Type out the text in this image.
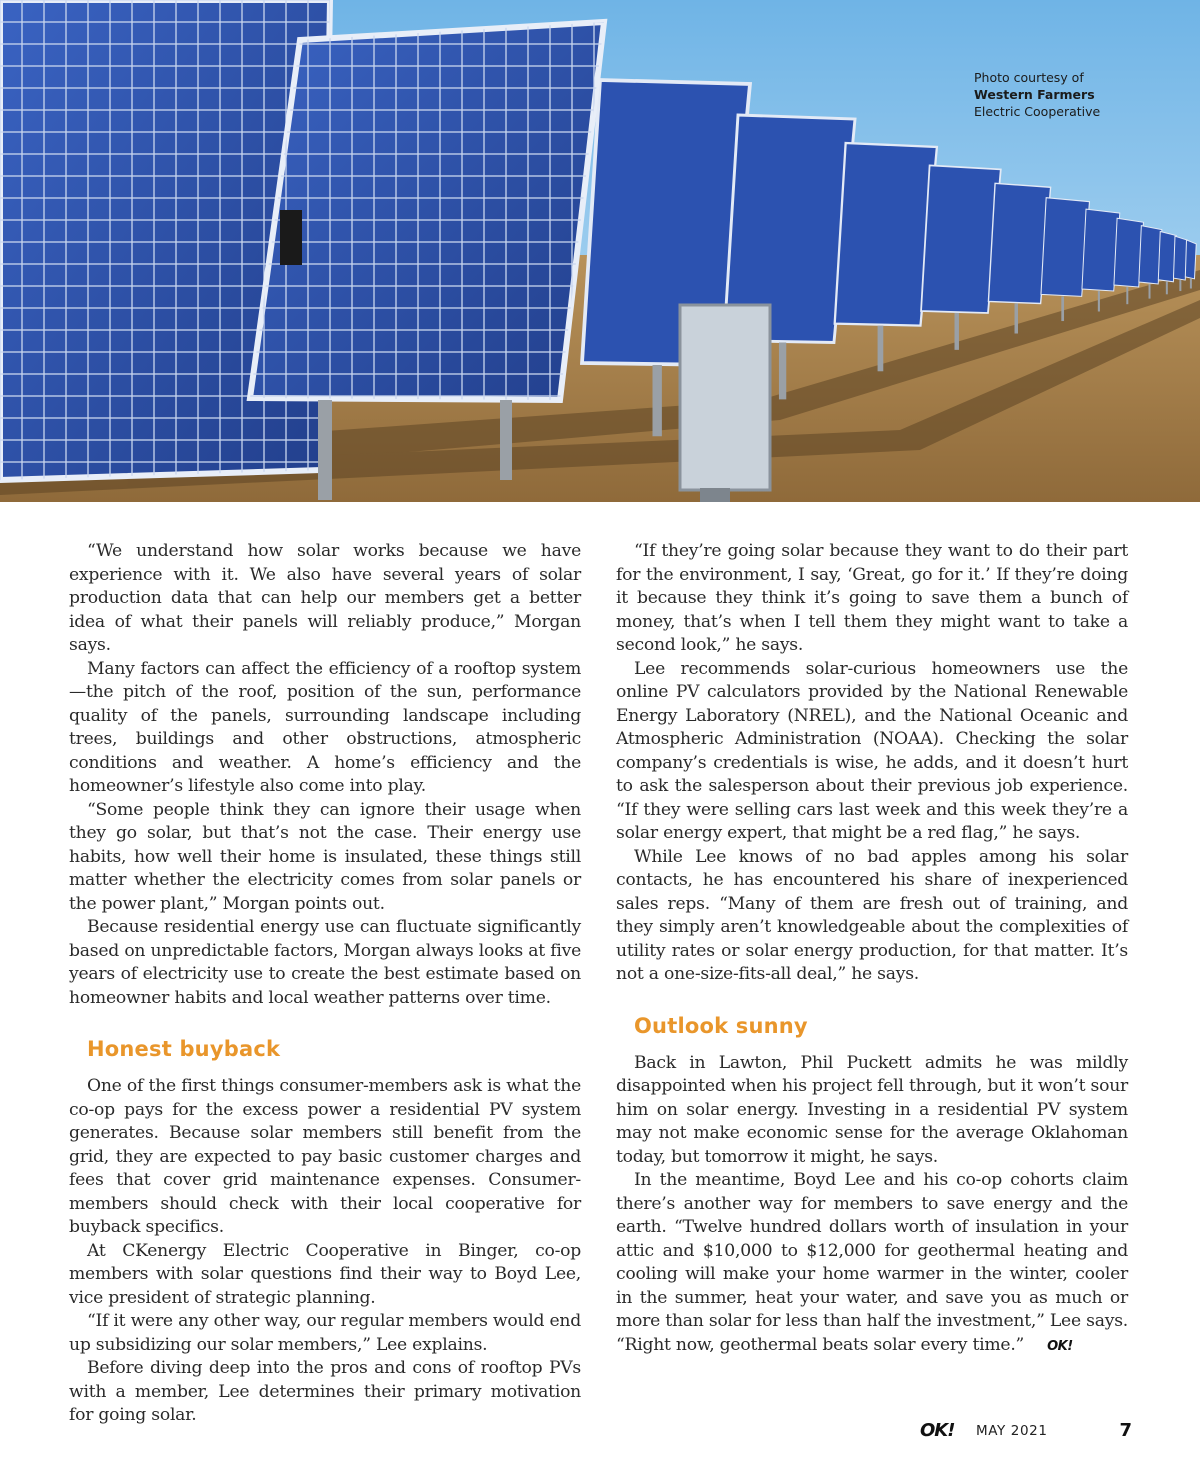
Photo courtesy of
Western Farmers
Electric Cooperative

“We understand how solar works because we have experience with it. We also have several years of solar production data that can help our members get a better idea of what their panels will reliably produce,” Morgan says.

Many factors can affect the efficiency of a rooftop system—the pitch of the roof, position of the sun, performance quality of the panels, surrounding landscape including trees, buildings and other obstructions, atmospheric conditions and weather. A home’s efficiency and the homeowner’s lifestyle also come into play.

“Some people think they can ignore their usage when they go solar, but that’s not the case. Their energy use habits, how well their home is insulated, these things still matter whether the electricity comes from solar panels or the power plant,” Morgan points out.

Because residential energy use can fluctuate significantly based on unpredictable factors, Morgan always looks at five years of electricity use to create the best estimate based on homeowner habits and local weather patterns over time.

Honest buyback

One of the first things consumer-members ask is what the co-op pays for the excess power a residential PV system generates. Because solar members still benefit from the grid, they are expected to pay basic customer charges and fees that cover grid maintenance expenses. Consumer-members should check with their local cooperative for buyback specifics.

At CKenergy Electric Cooperative in Binger, co-op members with solar questions find their way to Boyd Lee, vice president of strategic planning.

“If it were any other way, our regular members would end up subsidizing our solar members,” Lee explains.

Before diving deep into the pros and cons of rooftop PVs with a member, Lee determines their primary motivation for going solar.

“If they’re going solar because they want to do their part for the environment, I say, ‘Great, go for it.’ If they’re doing it because they think it’s going to save them a bunch of money, that’s when I tell them they might want to take a second look,” he says.

Lee recommends solar-curious homeowners use the online PV calculators provided by the National Renewable Energy Laboratory (NREL), and the National Oceanic and Atmospheric Administration (NOAA). Checking the solar company’s credentials is wise, he adds, and it doesn’t hurt to ask the salesperson about their previous job experience. “If they were selling cars last week and this week they’re a solar energy expert, that might be a red flag,” he says.

While Lee knows of no bad apples among his solar contacts, he has encountered his share of inexperienced sales reps. “Many of them are fresh out of training, and they simply aren’t knowledgeable about the complexities of utility rates or solar energy production, for that matter. It’s not a one-size-fits-all deal,” he says.

Outlook sunny

Back in Lawton, Phil Puckett admits he was mildly disappointed when his project fell through, but it won’t sour him on solar energy. Investing in a residential PV system may not make economic sense for the average Oklahoman today, but tomorrow it might, he says.

In the meantime, Boyd Lee and his co-op cohorts claim there’s another way for members to save energy and the earth. “Twelve hundred dollars worth of insulation in your attic and $10,000 to $12,000 for geothermal heating and cooling will make your home warmer in the winter, cooler in the summer, heat your water, and save you as much or more than solar for less than half the investment,” Lee says. “Right now, geothermal beats solar every time.” OK!

OK! MAY 2021	7
